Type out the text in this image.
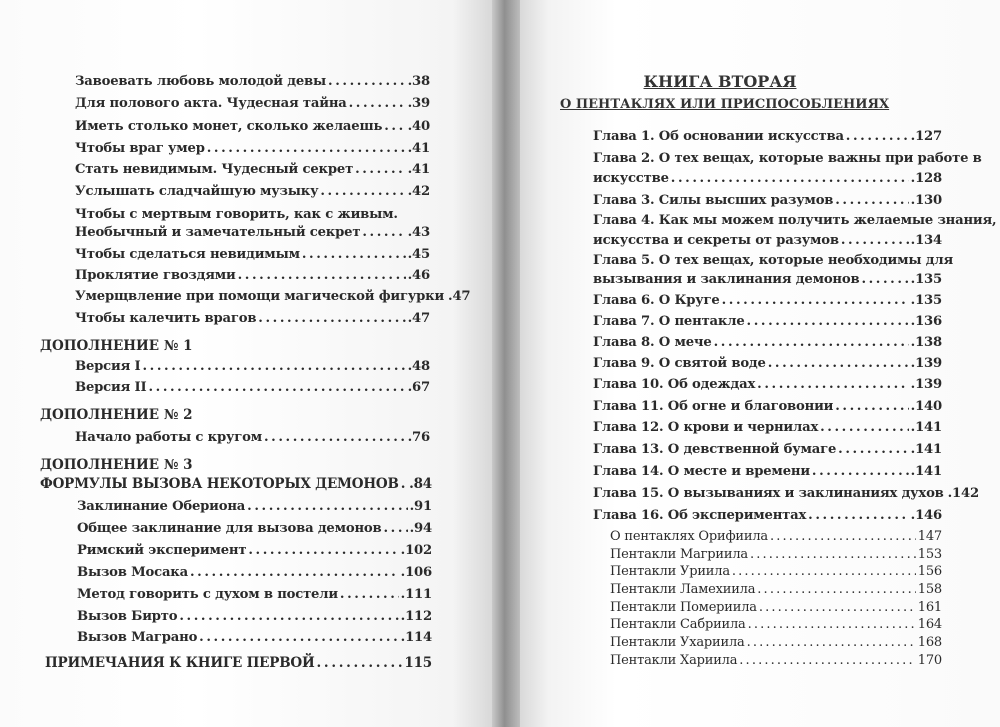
ДОПОЛНЕНИЕ № 1
ДОПОЛНЕНИЕ № 2
ДОПОЛНЕНИЕ № 3
КНИГА ВТОРАЯ
О ПЕНТАКЛЯХ ИЛИ ПРИСПОСОБЛЕНИЯХ
Завоевать любовь молодой девы . . .	.38
Для полового акта. Чудесная тайна . . .	.39
Иметь столько монет, сколько желаешь . . . .40
Чтобы враг умер . . .	.41
Стать невидимым. Чудесный секрет . . .	.41
Услышать сладчайшую музыку . . .	.42
Чтобы с мертвым говорить, как с живым.
Необычный и замечательный секрет . . .	.43
Чтобы сделаться невидимым . . .	.45
Проклятие гвоздями . . .	.46
Умерщвление при помощи магической фигурки .47
Чтобы калечить врагов . . .	.47
Версия I . . .	.48
Версия II . . .	.67
Начало работы с кругом . . .	.76
ФОРМУЛЫ ВЫЗОВА НЕКОТОРЫХ ДЕМОНОВ . . . .84
Заклинание Обериона . . .	.91
Общее заклинание для вызова демонов . . . .94
Римский эксперимент . . .	.102
Вызов Мосака . . .	.106
Метод говорить с духом в постели . . .	.111
Вызов Бирто . . .	.112
Вызов Маграно . . .	.114
ПРИМЕЧАНИЯ К КНИГЕ ПЕРВОЙ . . .	115
Глава 1. Об основании искусства . . .	.127
Глава 2. О тех вещах, которые важны при работе в
искусстве . . .	.128
Глава 3. Силы высших разумов . . .	.130
Глава 4. Как мы можем получить желаемые знания,
искусства и секреты от разумов . . .	.134
Глава 5. О тех вещах, которые необходимы для
вызывания и заклинания демонов . . .	.135
Глава 6. О Круге . . .	.135
Глава 7. О пентакле . . .	.136
Глава 8. О мече . . .	.138
Глава 9. О святой воде . . .	.139
Глава 10. Об одеждах . . .	.139
Глава 11. Об огне и благовонии . . .	.140
Глава 12. О крови и чернилах . . .	.141
Глава 13. О девственной бумаге . . .	.141
Глава 14. О месте и времени . . .	.141
Глава 15. О вызываниях и заклинаниях духов .142
Глава 16. Об экспериментах . . .	.146
О пентаклях Орифиила . . .	147
Пентакли Магриила . . .	153
Пентакли Уриила . . .	156
Пентакли Ламехиила . . .	158
Пентакли Помериила . . .	161
Пентакли Сабриила . . .	164
Пентакли Ухариила . . .	168
Пентакли Хариила . . .	170
